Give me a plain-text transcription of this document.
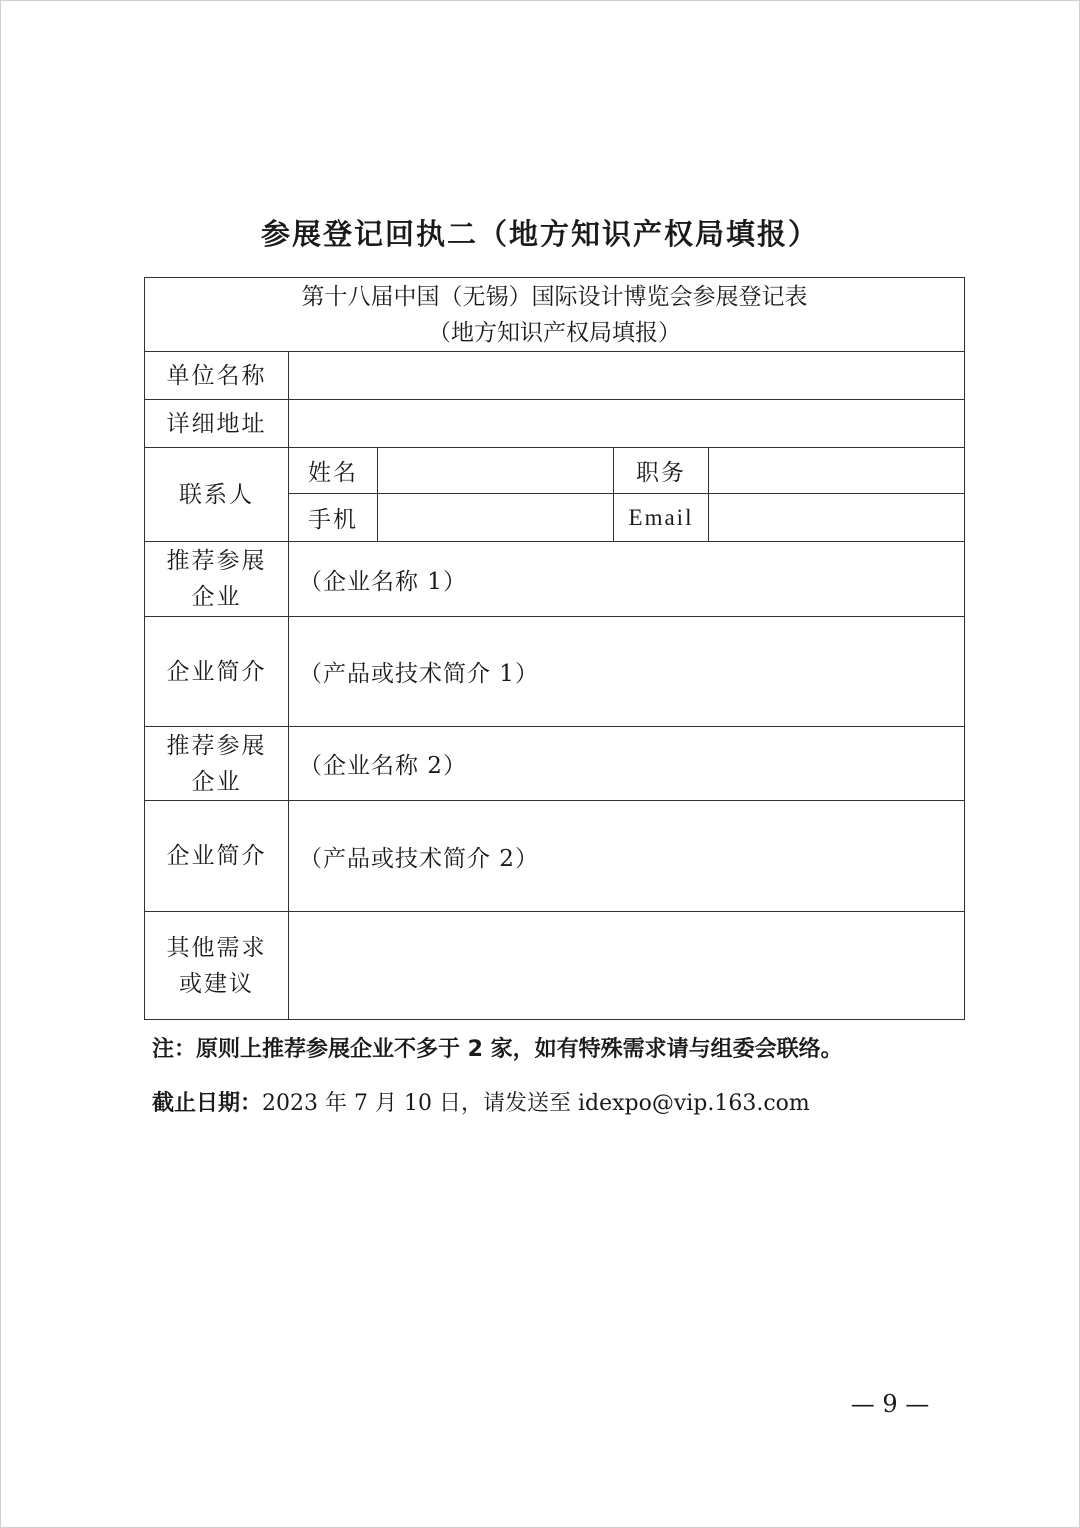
参展登记回执二（地方知识产权局填报）
第十八届中国（无锡）国际设计博览会参展登记表
（地方知识产权局填报）				

单位名称				
详细地址				
联系人	姓名		职务	
	手机		Email	

推荐参展
企业	（企业名称 1）			
企业简介	（产品或技术简介 1）			

推荐参展
企业	（企业名称 2）			
企业简介	（产品或技术简介 2）			

其他需求
或建议				

注：原则上推荐参展企业不多于 2 家，如有特殊需求请与组委会联络。
截止日期：2023 年 7 月 10 日，请发送至 idexpo@vip.163.com
— 9 —
